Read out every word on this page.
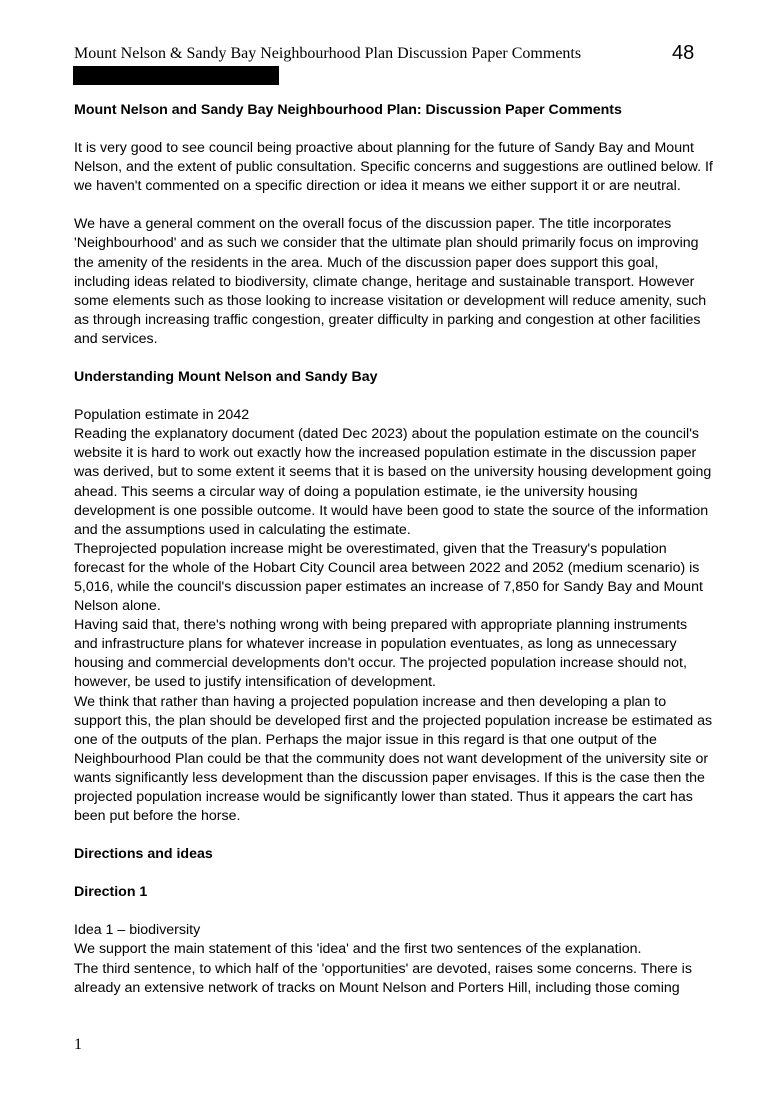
Mount Nelson & Sandy Bay Neighbourhood Plan Discussion Paper Comments	48

Mount Nelson and Sandy Bay Neighbourhood Plan: Discussion Paper Comments

It is very good to see council being proactive about planning for the future of Sandy Bay and Mount Nelson, and the extent of public consultation. Specific concerns and suggestions are outlined below. If we haven't commented on a specific direction or idea it means we either support it or are neutral.

We have a general comment on the overall focus of the discussion paper. The title incorporates 'Neighbourhood' and as such we consider that the ultimate plan should primarily focus on improving the amenity of the residents in the area. Much of the discussion paper does support this goal, including ideas related to biodiversity, climate change, heritage and sustainable transport. However some elements such as those looking to increase visitation or development will reduce amenity, such as through increasing traffic congestion, greater difficulty in parking and congestion at other facilities and services.

Understanding Mount Nelson and Sandy Bay

Population estimate in 2042

Reading the explanatory document (dated Dec 2023) about the population estimate on the council's website it is hard to work out exactly how the increased population estimate in the discussion paper was derived, but to some extent it seems that it is based on the university housing development going ahead. This seems a circular way of doing a population estimate, ie the university housing development is one possible outcome. It would have been good to state the source of the information and the assumptions used in calculating the estimate.

Theprojected population increase might be overestimated, given that the Treasury's population forecast for the whole of the Hobart City Council area between 2022 and 2052 (medium scenario) is 5,016, while the council's discussion paper estimates an increase of 7,850 for Sandy Bay and Mount Nelson alone.

Having said that, there's nothing wrong with being prepared with appropriate planning instruments and infrastructure plans for whatever increase in population eventuates, as long as unnecessary housing and commercial developments don't occur. The projected population increase should not, however, be used to justify intensification of development.

We think that rather than having a projected population increase and then developing a plan to support this, the plan should be developed first and the projected population increase be estimated as one of the outputs of the plan. Perhaps the major issue in this regard is that one output of the Neighbourhood Plan could be that the community does not want development of the university site or wants significantly less development than the discussion paper envisages. If this is the case then the projected population increase would be significantly lower than stated. Thus it appears the cart has been put before the horse.

Directions and ideas

Direction 1

Idea 1 – biodiversity

We support the main statement of this 'idea' and the first two sentences of the explanation.

The third sentence, to which half of the 'opportunities' are devoted, raises some concerns. There is already an extensive network of tracks on Mount Nelson and Porters Hill, including those coming

1
